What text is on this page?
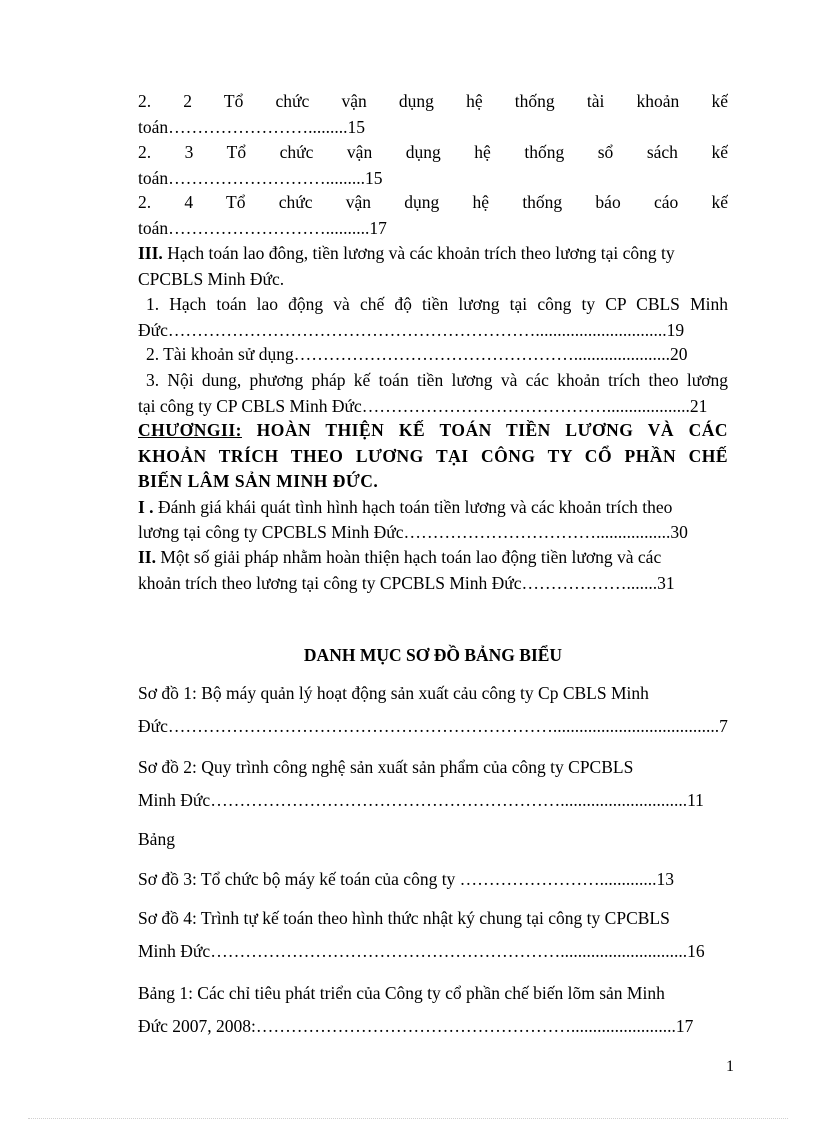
2. 2 Tổ chức vận dụng hệ thống tài khoản kế
toán…………………….........15
2. 3 Tổ chức vận dụng hệ thống sổ sách kế
toán……………………….........15
2. 4 Tổ chức vận dụng hệ thống báo cáo kế
toán………………………..........17
III. Hạch toán lao đông, tiền lương và các khoản trích theo lương tại công ty
CPCBLS Minh Đức.
1. Hạch toán lao động và chế độ tiền lương tại công ty CP CBLS Minh
Đức………………………………………………………..............................19
2. Tài khoản sử dụng…………………………………………......................20
3. Nội dung, phương pháp kế toán tiền lương và các khoản trích theo lương
tại công ty CP CBLS Minh Đức……………………………………...................21
CHƯƠNGII: HOÀN THIỆN KẾ TOÁN TIỀN LƯƠNG VÀ CÁC
KHOẢN TRÍCH THEO LƯƠNG TẠI CÔNG TY CỔ PHẦN CHẾ
BIẾN LÂM SẢN MINH ĐỨC.
I . Đánh giá khái quát tình hình hạch toán tiền lương và các khoản trích theo
lương tại công ty CPCBLS Minh Đức…………………………….................30
II. Một số giải pháp nhằm hoàn thiện hạch toán lao động tiền lương và các
khoản trích theo lương tại công ty CPCBLS Minh Đức……………….......31
DANH MỤC SƠ ĐỒ BẢNG BIỂU
Sơ đồ 1: Bộ máy quản lý hoạt động sản xuất cảu công ty Cp CBLS Minh
Đức…………………………………………………………......................................7
Sơ đồ 2: Quy trình công nghệ sản xuất sản phẩm của công ty CPCBLS
Minh Đức…………………………………………………….............................11
Bảng
Sơ đồ 3: Tổ chức bộ máy kế toán của công ty …………………….............13
Sơ đồ 4: Trình tự kế toán theo hình thức nhật ký chung tại công ty CPCBLS
Minh Đức…………………………………………………….............................16
Bảng 1: Các chỉ tiêu phát triển của Công ty cổ phần chế biến lõm sản Minh
Đức 2007, 2008:………………………………………………........................17
1
